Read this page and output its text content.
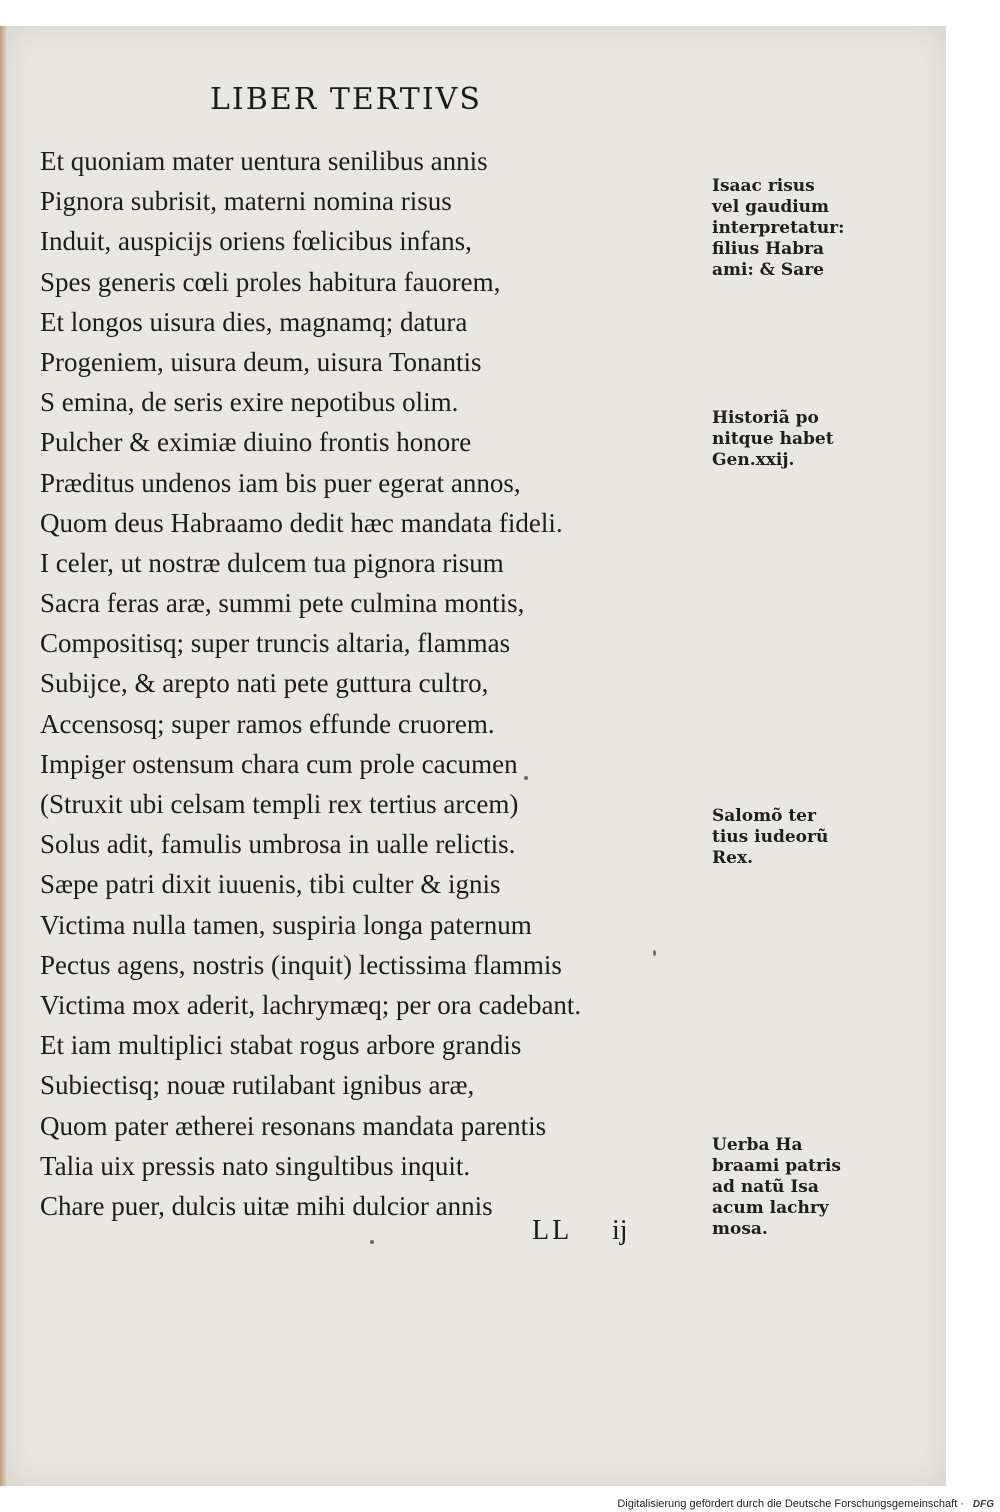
LIBER TERTIVS
Et quoniam mater uentura senilibus annis
Pignora subrisit, materni nomina risus
Induit, auspicijs oriens fœlicibus infans,
Spes generis cœli proles habitura fauorem,
Et longos uisura dies, magnamq; datura
Progeniem, uisura deum, uisura Tonantis
S emina, de seris exire nepotibus olim.
Pulcher & eximiæ diuino frontis honore
Præditus undenos iam bis puer egerat annos,
Quom deus Habraamo dedit hæc mandata fideli.
I celer, ut nostræ dulcem tua pignora risum
Sacra feras aræ, summi pete culmina montis,
Compositisq; super truncis altaria, flammas
Subijce, & arepto nati pete guttura cultro,
Accensosq; super ramos effunde cruorem.
Impiger ostensum chara cum prole cacumen
(Struxit ubi celsam templi rex tertius arcem)
Solus adit, famulis umbrosa in ualle relictis.
Sæpe patri dixit iuuenis, tibi culter & ignis
Victima nulla tamen, suspiria longa paternum
Pectus agens, nostris (inquit) lectissima flammis
Victima mox aderit, lachrymæq; per ora cadebant.
Et iam multiplici stabat rogus arbore grandis
Subiectisq; nouæ rutilabant ignibus aræ,
Quom pater ætherei resonans mandata parentis
Talia uix pressis nato singultibus inquit.
Chare puer, dulcis uitæ mihi dulcior annis
LL ij
Isaac risus
vel gaudium
interpretatur:
filius Habra
ami: & Sare
Historiã po
nitque habet
Gen.xxij.
Salomõ ter
tius iudeorũ
Rex.
Uerba Ha
braami patris
ad natũ Isa
acum lachry
mosa.
Digitalisierung gefördert durch die Deutsche Forschungsgemeinschaft · DFG
